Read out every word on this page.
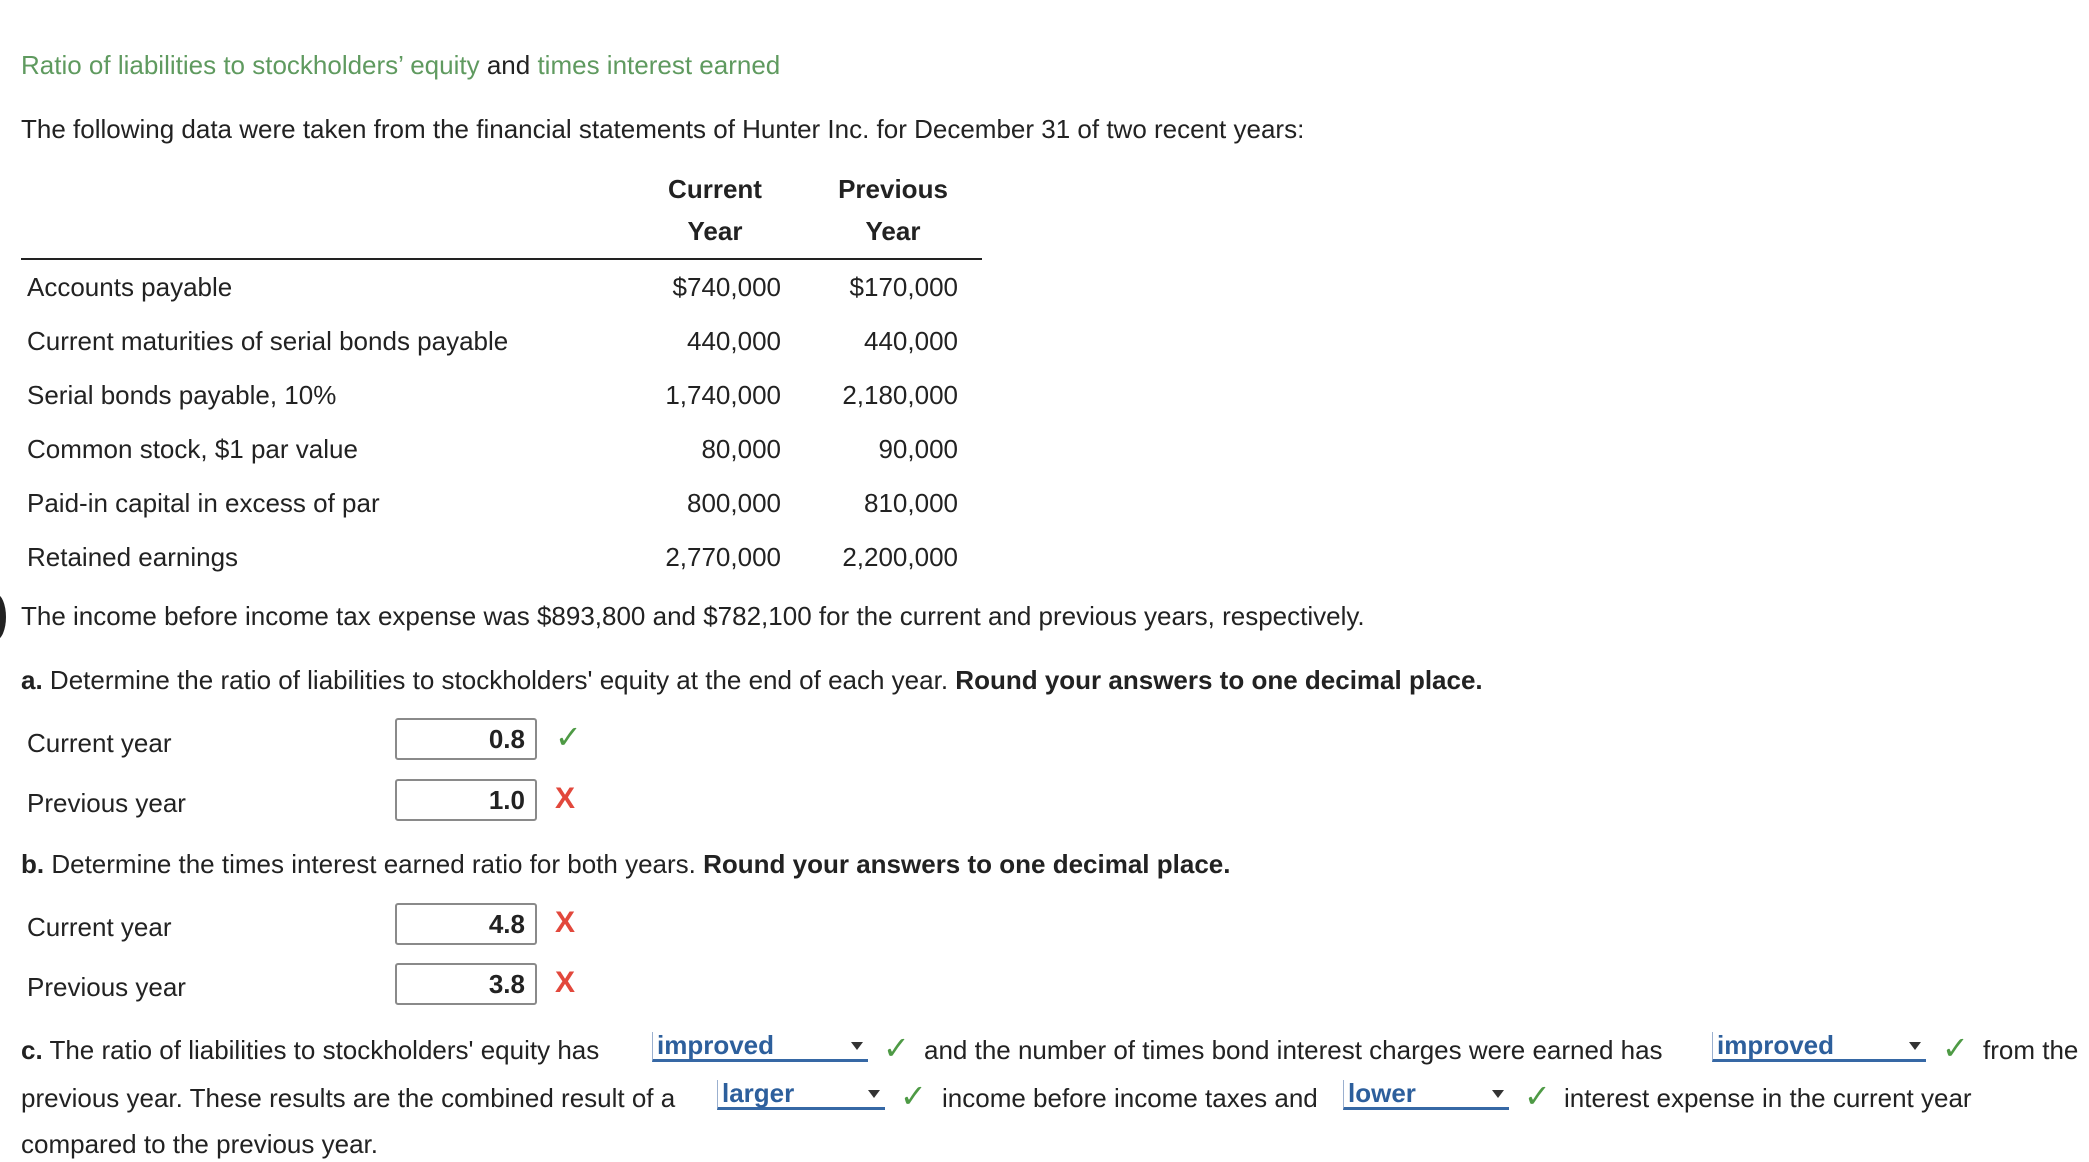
Ratio of liabilities to stockholders’ equity and times interest earned
The following data were taken from the financial statements of Hunter Inc. for December 31 of two recent years:
Current
Year
Previous
Year
Accounts payable	$740,000	$170,000
Current maturities of serial bonds payable	440,000	440,000
Serial bonds payable, 10%	1,740,000	2,180,000
Common stock, $1 par value	80,000	90,000
Paid-in capital in excess of par	800,000	810,000
Retained earnings	2,770,000	2,200,000
The income before income tax expense was $893,800 and $782,100 for the current and previous years, respectively.
a. Determine the ratio of liabilities to stockholders' equity at the end of each year. Round your answers to one decimal place.
Current year	0.8 ✓
Previous year	1.0	X
b. Determine the times interest earned ratio for both years. Round your answers to one decimal place.
Current year	4.8	X
Previous year	3.8	X
c. The ratio of liabilities to stockholders' equity has improved	✓ and the number of times bond interest charges were earned has improved	✓ from the
previous year. These results are the combined result of a larger	✓ income before income taxes and lower	✓ interest expense in the current year
compared to the previous year.
